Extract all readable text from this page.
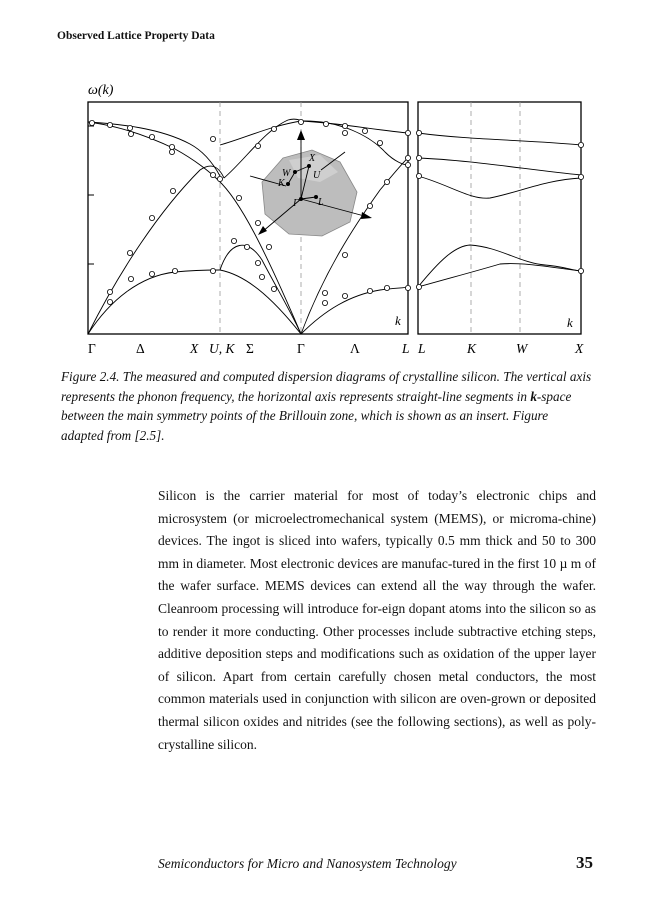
Observed Lattice Property Data
ω(k)
X
W
K
U
Γ L
k	k
Γ	Δ	X U, K Σ	Γ	Λ	L L	K	W	X
Figure 2.4. The measured and computed dispersion diagrams of crystalline silicon. The vertical axis represents the phonon frequency, the horizontal axis represents straight-line segments in k-space between the main symmetry points of the Brillouin zone, which is shown as an insert. Figure adapted from [2.5].
Silicon is the carrier material for most of today’s electronic chips and microsystem (or microelectromechanical system (MEMS), or microma-chine) devices. The ingot is sliced into wafers, typically 0.5 mm thick and 50 to 300 mm in diameter. Most electronic devices are manufac-tured in the first 10 µ m of the wafer surface. MEMS devices can extend all the way through the wafer. Cleanroom processing will introduce for-eign dopant atoms into the silicon so as to render it more conducting. Other processes include subtractive etching steps, additive deposition steps and modifications such as oxidation of the upper layer of silicon. Apart from certain carefully chosen metal conductors, the most common materials used in conjunction with silicon are oven-grown or deposited thermal silicon oxides and nitrides (see the following sections), as well as poly-crystalline silicon.
Semiconductors for Micro and Nanosystem Technology	35
